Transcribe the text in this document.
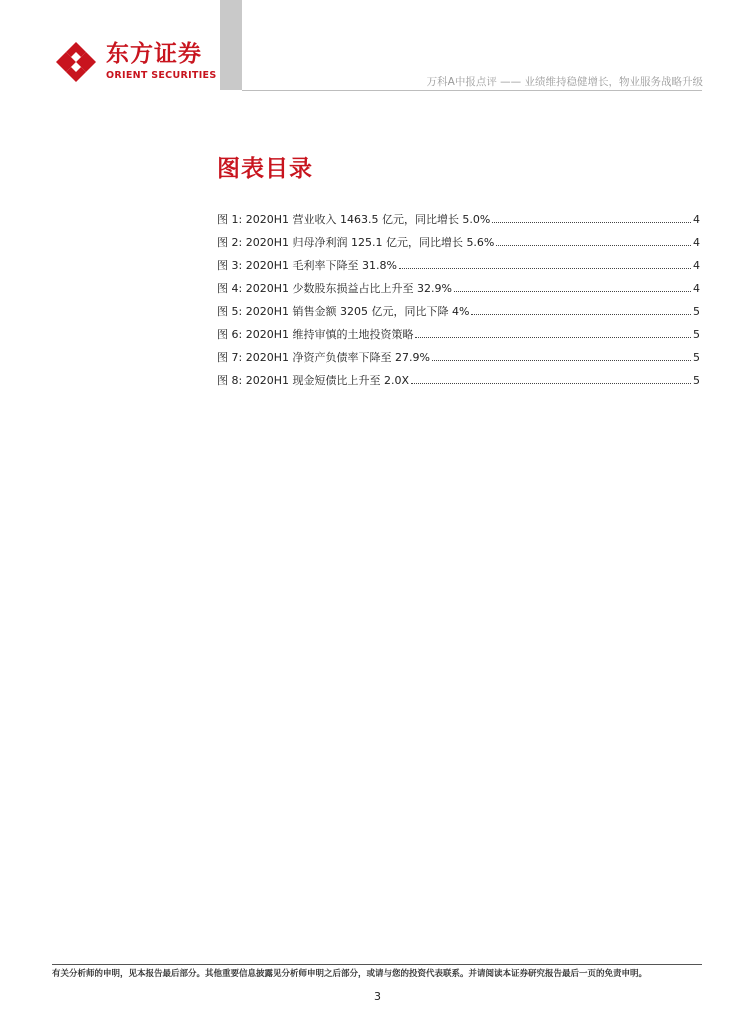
东方证券
ORIENT SECURITIES
万科A中报点评 —— 业绩维持稳健增长，物业服务战略升级
图表目录
图 1: 2020H1 营业收入 1463.5 亿元，同比增长 5.0%	4
图 2: 2020H1 归母净利润 125.1 亿元，同比增长 5.6%	4
图 3: 2020H1 毛利率下降至 31.8%	4
图 4: 2020H1 少数股东损益占比上升至 32.9%	4
图 5: 2020H1 销售金额 3205 亿元，同比下降 4%	5
图 6: 2020H1 维持审慎的土地投资策略	5
图 7: 2020H1 净资产负债率下降至 27.9%	5
图 8: 2020H1 现金短债比上升至 2.0X	5
有关分析师的申明，见本报告最后部分。其他重要信息披露见分析师申明之后部分，或请与您的投资代表联系。并请阅读本证券研究报告最后一页的免责申明。
3
